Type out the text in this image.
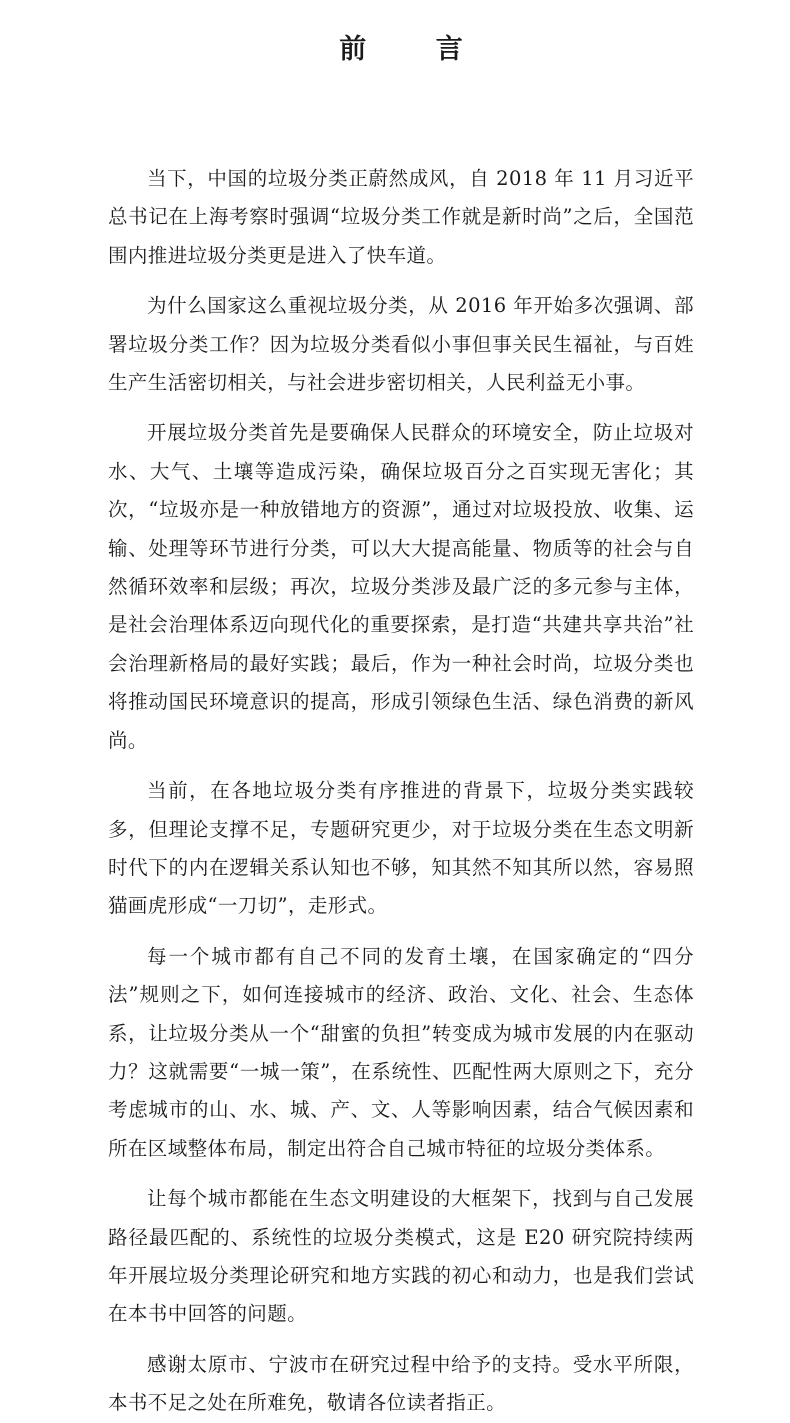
前 言

当下，中国的垃圾分类正蔚然成风，自 2018 年 11 月习近平总书记在上海考察时强调“垃圾分类工作就是新时尚”之后，全国范围内推进垃圾分类更是进入了快车道。

为什么国家这么重视垃圾分类，从 2016 年开始多次强调、部署垃圾分类工作？因为垃圾分类看似小事但事关民生福祉，与百姓生产生活密切相关，与社会进步密切相关，人民利益无小事。

开展垃圾分类首先是要确保人民群众的环境安全，防止垃圾对水、大气、土壤等造成污染，确保垃圾百分之百实现无害化；其次，“垃圾亦是一种放错地方的资源”，通过对垃圾投放、收集、运输、处理等环节进行分类，可以大大提高能量、物质等的社会与自然循环效率和层级；再次，垃圾分类涉及最广泛的多元参与主体，是社会治理体系迈向现代化的重要探索，是打造“共建共享共治”社会治理新格局的最好实践；最后，作为一种社会时尚，垃圾分类也将推动国民环境意识的提高，形成引领绿色生活、绿色消费的新风尚。

当前，在各地垃圾分类有序推进的背景下，垃圾分类实践较多，但理论支撑不足，专题研究更少，对于垃圾分类在生态文明新时代下的内在逻辑关系认知也不够，知其然不知其所以然，容易照猫画虎形成“一刀切”，走形式。

每一个城市都有自己不同的发育土壤，在国家确定的“四分法”规则之下，如何连接城市的经济、政治、文化、社会、生态体系，让垃圾分类从一个“甜蜜的负担”转变成为城市发展的内在驱动力？这就需要“一城一策”，在系统性、匹配性两大原则之下，充分考虑城市的山、水、城、产、文、人等影响因素，结合气候因素和所在区域整体布局，制定出符合自己城市特征的垃圾分类体系。

让每个城市都能在生态文明建设的大框架下，找到与自己发展路径最匹配的、系统性的垃圾分类模式，这是 E20 研究院持续两年开展垃圾分类理论研究和地方实践的初心和动力，也是我们尝试在本书中回答的问题。

感谢太原市、宁波市在研究过程中给予的支持。受水平所限，本书不足之处在所难免，敬请各位读者指正。
